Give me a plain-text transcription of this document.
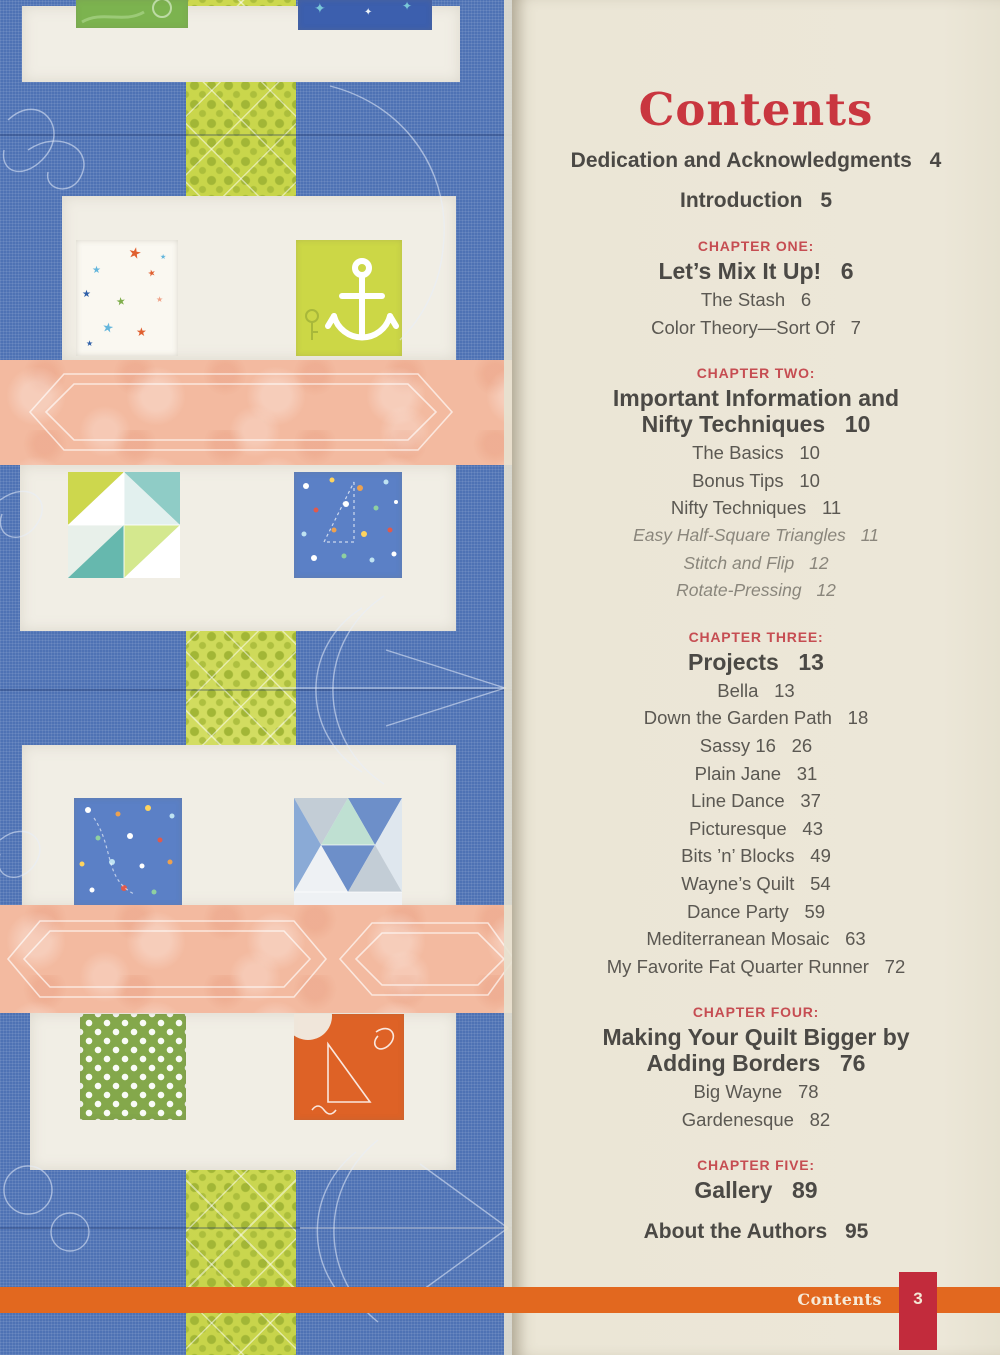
✦	✦ ✦
★
★	★
★ ★	★
★ ★
★
★
Contents
Dedication and Acknowledgments 4
Introduction 5
CHAPTER ONE:
Let’s Mix It Up! 6
The Stash 6
Color Theory—Sort Of 7
CHAPTER TWO:
Important Information and
Nifty Techniques 10
The Basics 10
Bonus Tips 10
Nifty Techniques 11
Easy Half-Square Triangles 11
Stitch and Flip 12
Rotate-Pressing 12
CHAPTER THREE:
Projects 13
Bella 13
Down the Garden Path 18
Sassy 16 26
Plain Jane 31
Line Dance 37
Picturesque 43
Bits ’n’ Blocks 49
Wayne’s Quilt 54
Dance Party 59
Mediterranean Mosaic 63
My Favorite Fat Quarter Runner 72
CHAPTER FOUR:
Making Your Quilt Bigger by
Adding Borders 76
Big Wayne 78
Gardenesque 82
CHAPTER FIVE:
Gallery 89
About the Authors 95
Contents	3
